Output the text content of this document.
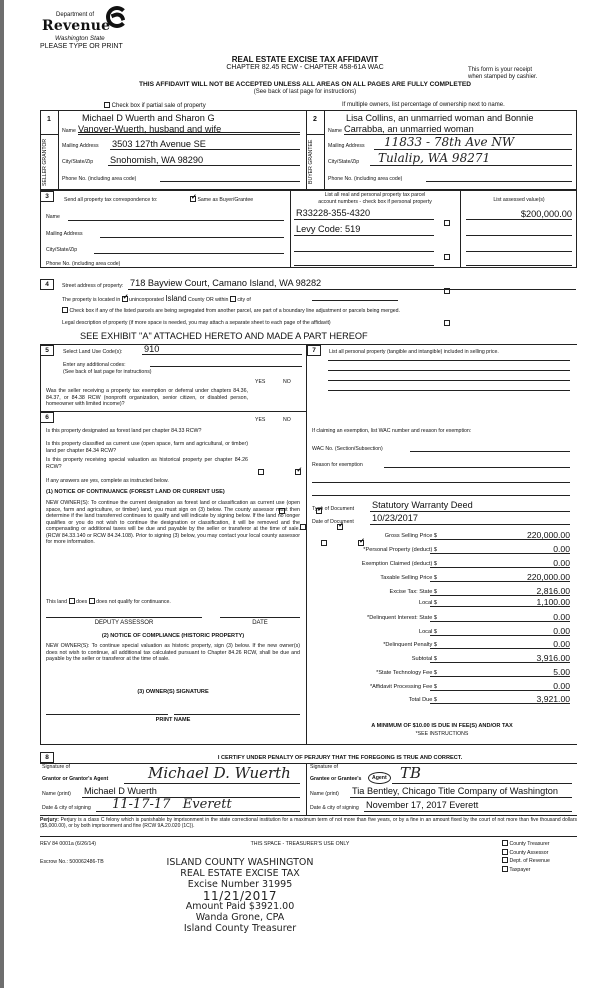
Department of
Revenue
Washington State
PLEASE TYPE OR PRINT
REAL ESTATE EXCISE TAX AFFIDAVIT
CHAPTER 82.45 RCW - CHAPTER 458-61A WAC	This form is your receipt
when stamped by cashier.
THIS AFFIDAVIT WILL NOT BE ACCEPTED UNLESS ALL AREAS ON ALL PAGES ARE FULLY COMPLETED
(See back of last page for instructions)
Check box if partial sale of property	If multiple owners, list percentage of ownership next to name.
1
SELLER GRANTOR
Michael D Wuerth and Sharon G
Name Vanover-Wuerth, husband and wife
Mailing Address 3503 127th Avenue SE
City/State/Zip Snohomish, WA 98290
Phone No. (including area code)
2
BUYER GRANTEE
Lisa Collins, an unmarried woman and Bonnie
Name Carrabba, an unmarried woman
Mailing Address 11833 - 78th Ave NW
City/State/Zip Tulalip, WA 98271
Phone No. (including area code)
3	Send all property tax correspondence to: ✓	Same as Buyer/Grantee
Name
Mailing Address
City/State/Zip
Phone No. (including area code)
List all real and personal property tax parcel
account numbers - check box if personal property	List assessed value(s)
R33228-355-4320	$200,000.00
Levy Code: 519
4	Street address of property: 718 Bayview Court, Camano Island, WA 98282
The property is located in ✓ unincorporated Island County OR within city of
Check box if any of the listed parcels are being segregated from another parcel, are part of a boundary line adjustment or parcels being merged.
Legal description of property (if more space is needed, you may attach a separate sheet to each page of the affidavit)
SEE EXHIBIT "A" ATTACHED HERETO AND MADE A PART HEREOF
5	Select Land Use Code(s): 910
Enter any additional codes:
(See back of last page for instructions)
YES	NO
Was the seller receiving a property tax exemption or deferral under chapters 84.36, 84.37, or 84.38 RCW (nonprofit organization, senior citizen, or disabled person, homeowner with limited income)?
✓
6	YES	NO
Is this property designated as forest land per chapter 84.33 RCW?
✓
Is this property classified as current use (open space, farm and agricultural, or timber) land per chapter 84.34 RCW?
✓
Is this property receiving special valuation as historical property per chapter 84.26 RCW?
✓
If any answers are yes, complete as instructed below.
(1) NOTICE OF CONTINUANCE (FOREST LAND OR CURRENT USE)
NEW OWNER(S): To continue the current designation as forest land or classification as current use (open space, farm and agriculture, or timber) land, you must sign on (3) below. The county assessor must then determine if the land transferred continues to qualify and will indicate by signing below. If the land no longer qualifies or you do not wish to continue the designation or classification, it will be removed and the compensating or additional taxes will be due and payable by the seller or transferor at the time of sale. (RCW 84.33.140 or RCW 84.34.108). Prior to signing (3) below, you may contact your local county assessor for more information.
This land does does not qualify for continuance.
DEPUTY ASSESSOR	DATE
(2) NOTICE OF COMPLIANCE (HISTORIC PROPERTY)
NEW OWNER(S): To continue special valuation as historic property, sign (3) below. If the new owner(s) does not wish to continue, all additional tax calculated pursuant to Chapter 84.26 RCW, shall be due and payable by the seller or transferor at the time of sale.
(3) OWNER(S) SIGNATURE
PRINT NAME
7	List all personal property (tangible and intangible) included in selling price.
If claiming an exemption, list WAC number and reason for exemption:
WAC No. (Section/Subsection)
Reason for exemption
Type of Document Statutory Warranty Deed
Date of Document 10/23/2017
Gross Selling Price $	220,000.00
*Personal Property (deduct) $	0.00
Exemption Claimed (deduct) $	0.00
Taxable Selling Price $	220,000.00
Excise Tax: State $	2,816.00
Local $	1,100.00
*Delinquent Interest: State $	0.00
Local $	0.00
*Delinquent Penalty $	0.00
Subtotal $	3,916.00
*State Technology Fee $	5.00
*Affidavit Processing Fee $	0.00
Total Due $	3,921.00
A MINIMUM OF $10.00 IS DUE IN FEE(S) AND/OR TAX
*SEE INSTRUCTIONS
8	I CERTIFY UNDER PENALTY OF PERJURY THAT THE FOREGOING IS TRUE AND CORRECT.
Signature of
Grantor or Grantor's Agent	Michael D. Wuerth
Name (print) Michael D Wuerth
Date & city of signing 11-17-17   Everett
Signature of
Grantee or Grantee's	Agent TB
Name (print) Tia Bentley, Chicago Title Company of Washington
Date & city of signing November 17, 2017 Everett
Perjury: Perjury is a class C felony which is punishable by imprisonment in the state correctional institution for a maximum term of not more than five years, or by a fine in an amount fixed by the court of not more than five thousand dollars ($5,000.00), or by both imprisonment and fine (RCW 9A.20.020 (1C)).
REV 84 0001a (6/26/14)	THIS SPACE - TREASURER'S USE ONLY
Escrow No.: 500062486-TB
County Treasurer
County Assessor
Dept. of Revenue
Taxpayer
ISLAND COUNTY WASHINGTON
REAL ESTATE EXCISE TAX
Excise Number 31995
11/21/2017
Amount Paid $3921.00
Wanda Grone, CPA
Island County Treasurer
